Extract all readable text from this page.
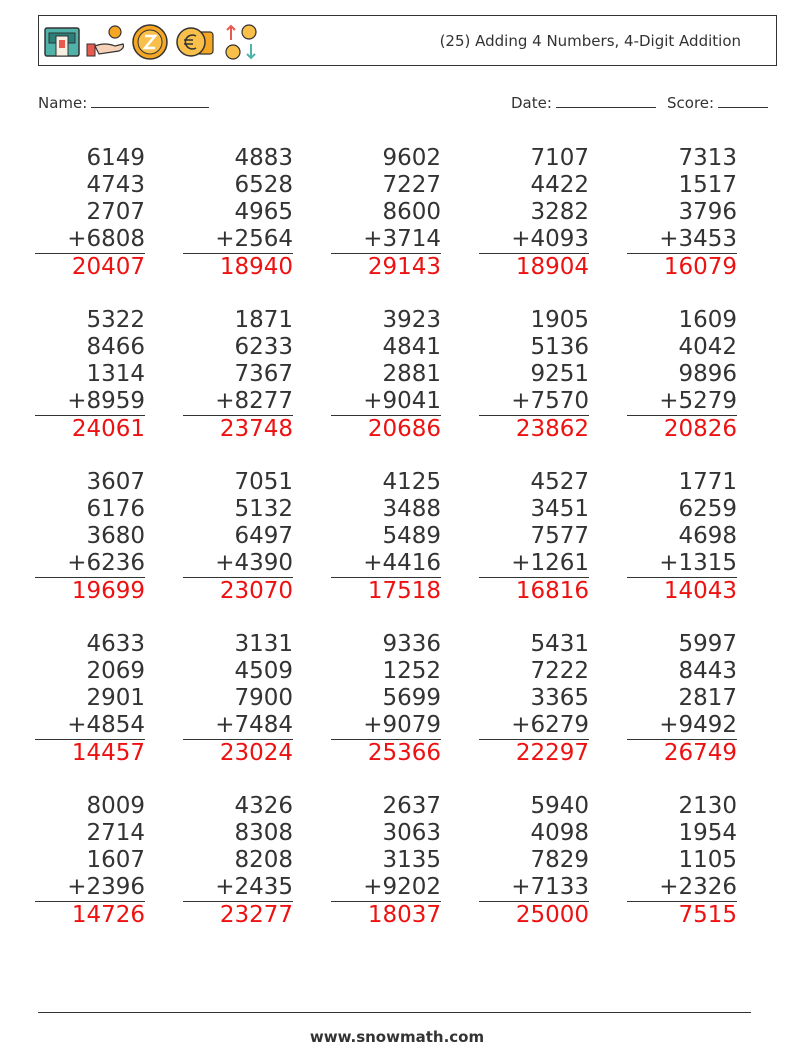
(25) Adding 4 Numbers, 4-Digit Addition
Name:	Date:	Score:
6149
4743
2707
+6808
20407
4883
6528
4965
+2564
18940
9602
7227
8600
+3714
29143
7107
4422
3282
+4093
18904
7313
1517
3796
+3453
16079
5322
8466
1314
+8959
24061
1871
6233
7367
+8277
23748
3923
4841
2881
+9041
20686
1905
5136
9251
+7570
23862
1609
4042
9896
+5279
20826
3607
6176
3680
+6236
19699
7051
5132
6497
+4390
23070
4125
3488
5489
+4416
17518
4527
3451
7577
+1261
16816
1771
6259
4698
+1315
14043
4633
2069
2901
+4854
14457
3131
4509
7900
+7484
23024
9336
1252
5699
+9079
25366
5431
7222
3365
+6279
22297
5997
8443
2817
+9492
26749
8009
2714
1607
+2396
14726
4326
8308
8208
+2435
23277
2637
3063
3135
+9202
18037
5940
4098
7829
+7133
25000
2130
1954
1105
+2326
7515
www.snowmath.com
